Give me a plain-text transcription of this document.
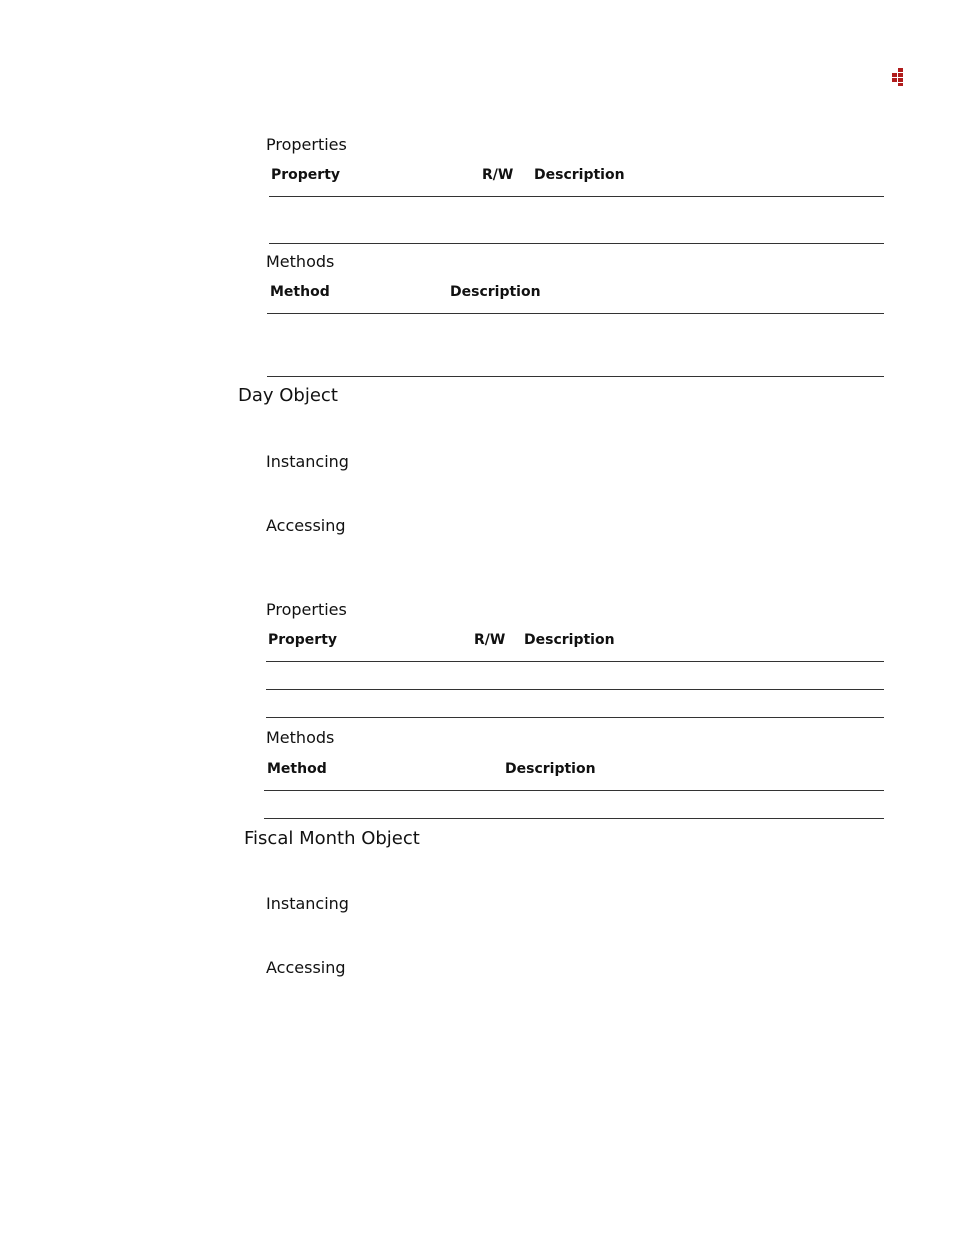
Properties
Property	R/W Description
Methods
Method	Description
Day Object
Instancing
Accessing
Properties
Property	R/W Description
Methods
Method	Description
Fiscal Month Object
Instancing
Accessing
